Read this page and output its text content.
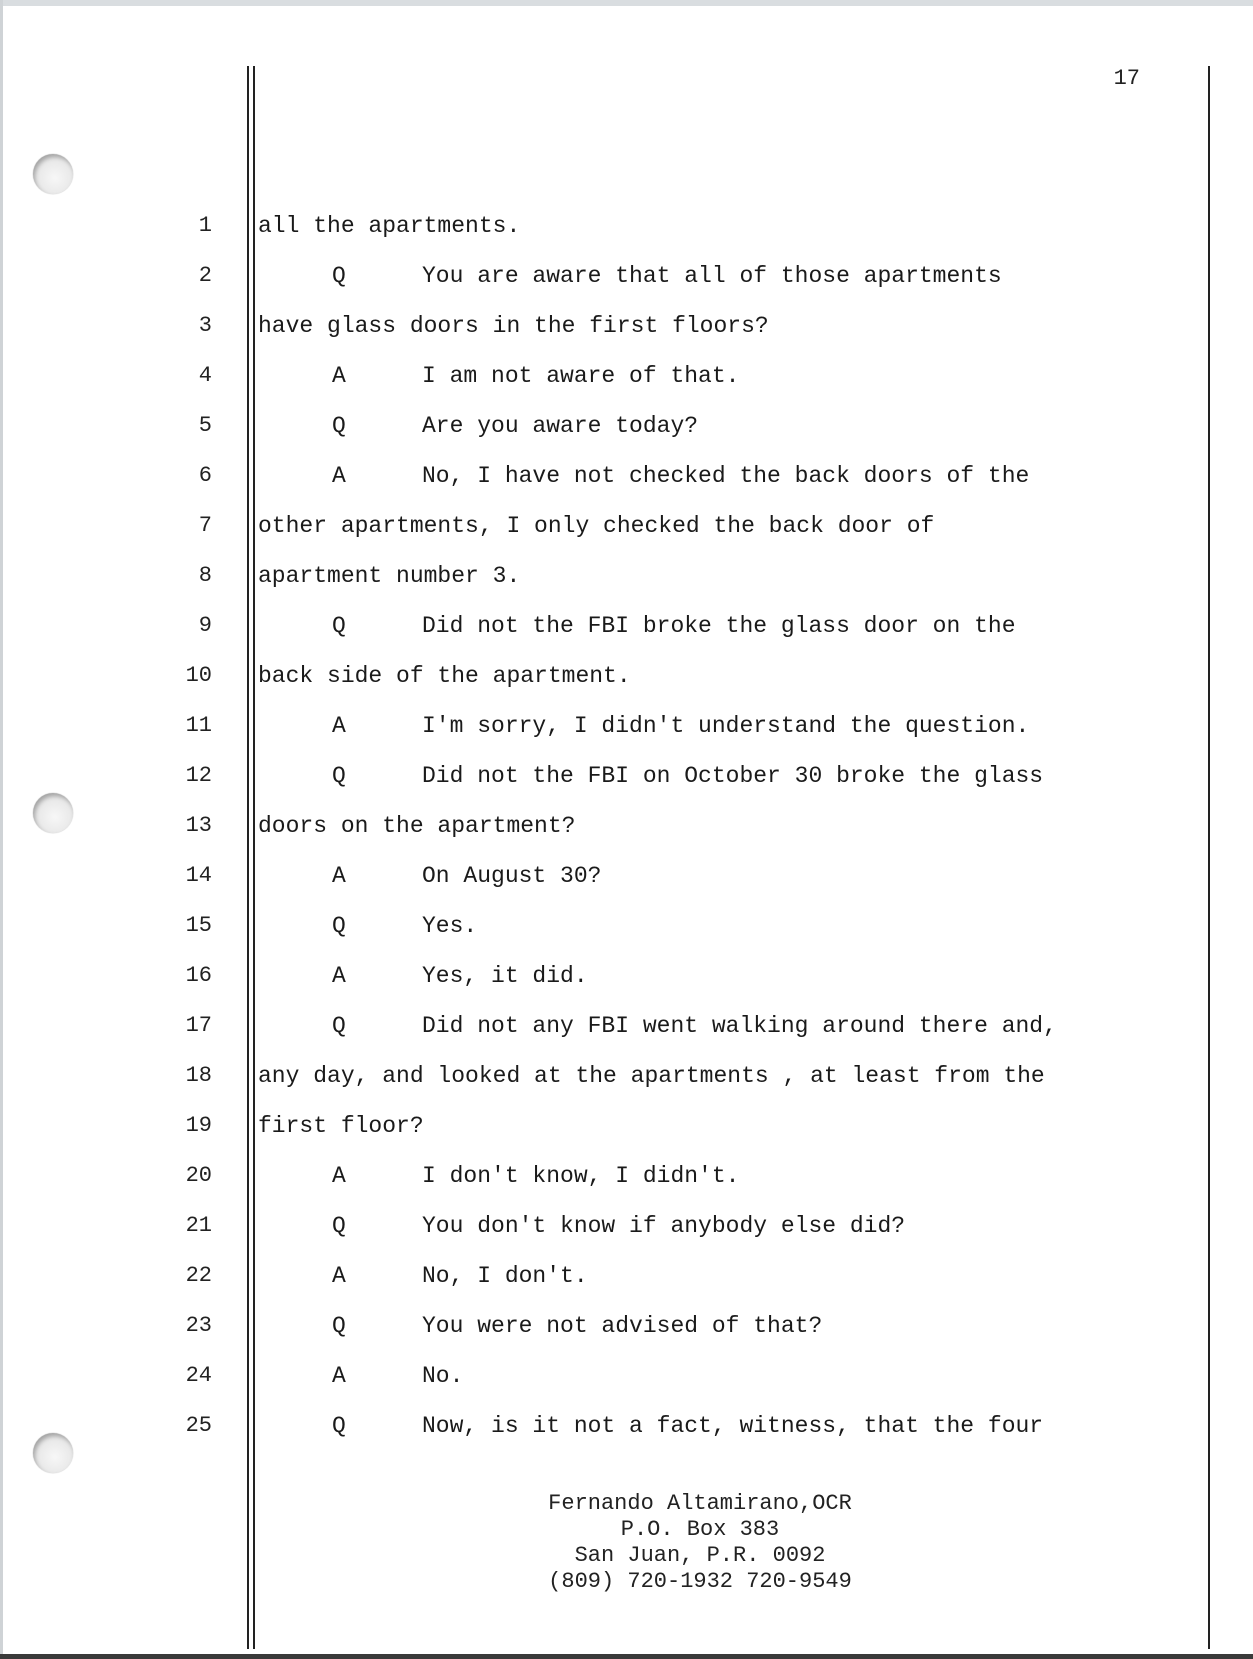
17
1 all the apartments.
2	Q	You are aware that all of those apartments
3 have glass doors in the first floors?
4	A	I am not aware of that.
5	Q	Are you aware today?
6	A	No, I have not checked the back doors of the
7 other apartments, I only checked the back door of
8 apartment number 3.
9	Q	Did not the FBI broke the glass door on the
10 back side of the apartment.
11	A	I'm sorry, I didn't understand the question.
12	Q	Did not the FBI on October 30 broke the glass
13 doors on the apartment?
14	A	On August 30?
15	Q	Yes.
16	A	Yes, it did.
17	Q	Did not any FBI went walking around there and,
18 any day, and looked at the apartments , at least from the
19 first floor?
20	A	I don't know, I didn't.
21	Q	You don't know if anybody else did?
22	A	No, I don't.
23	Q	You were not advised of that?
24	A	No.
25	Q	Now, is it not a fact, witness, that the four
Fernando Altamirano,OCR
P.O. Box 383
San Juan, P.R. 0092
(809) 720-1932 720-9549
